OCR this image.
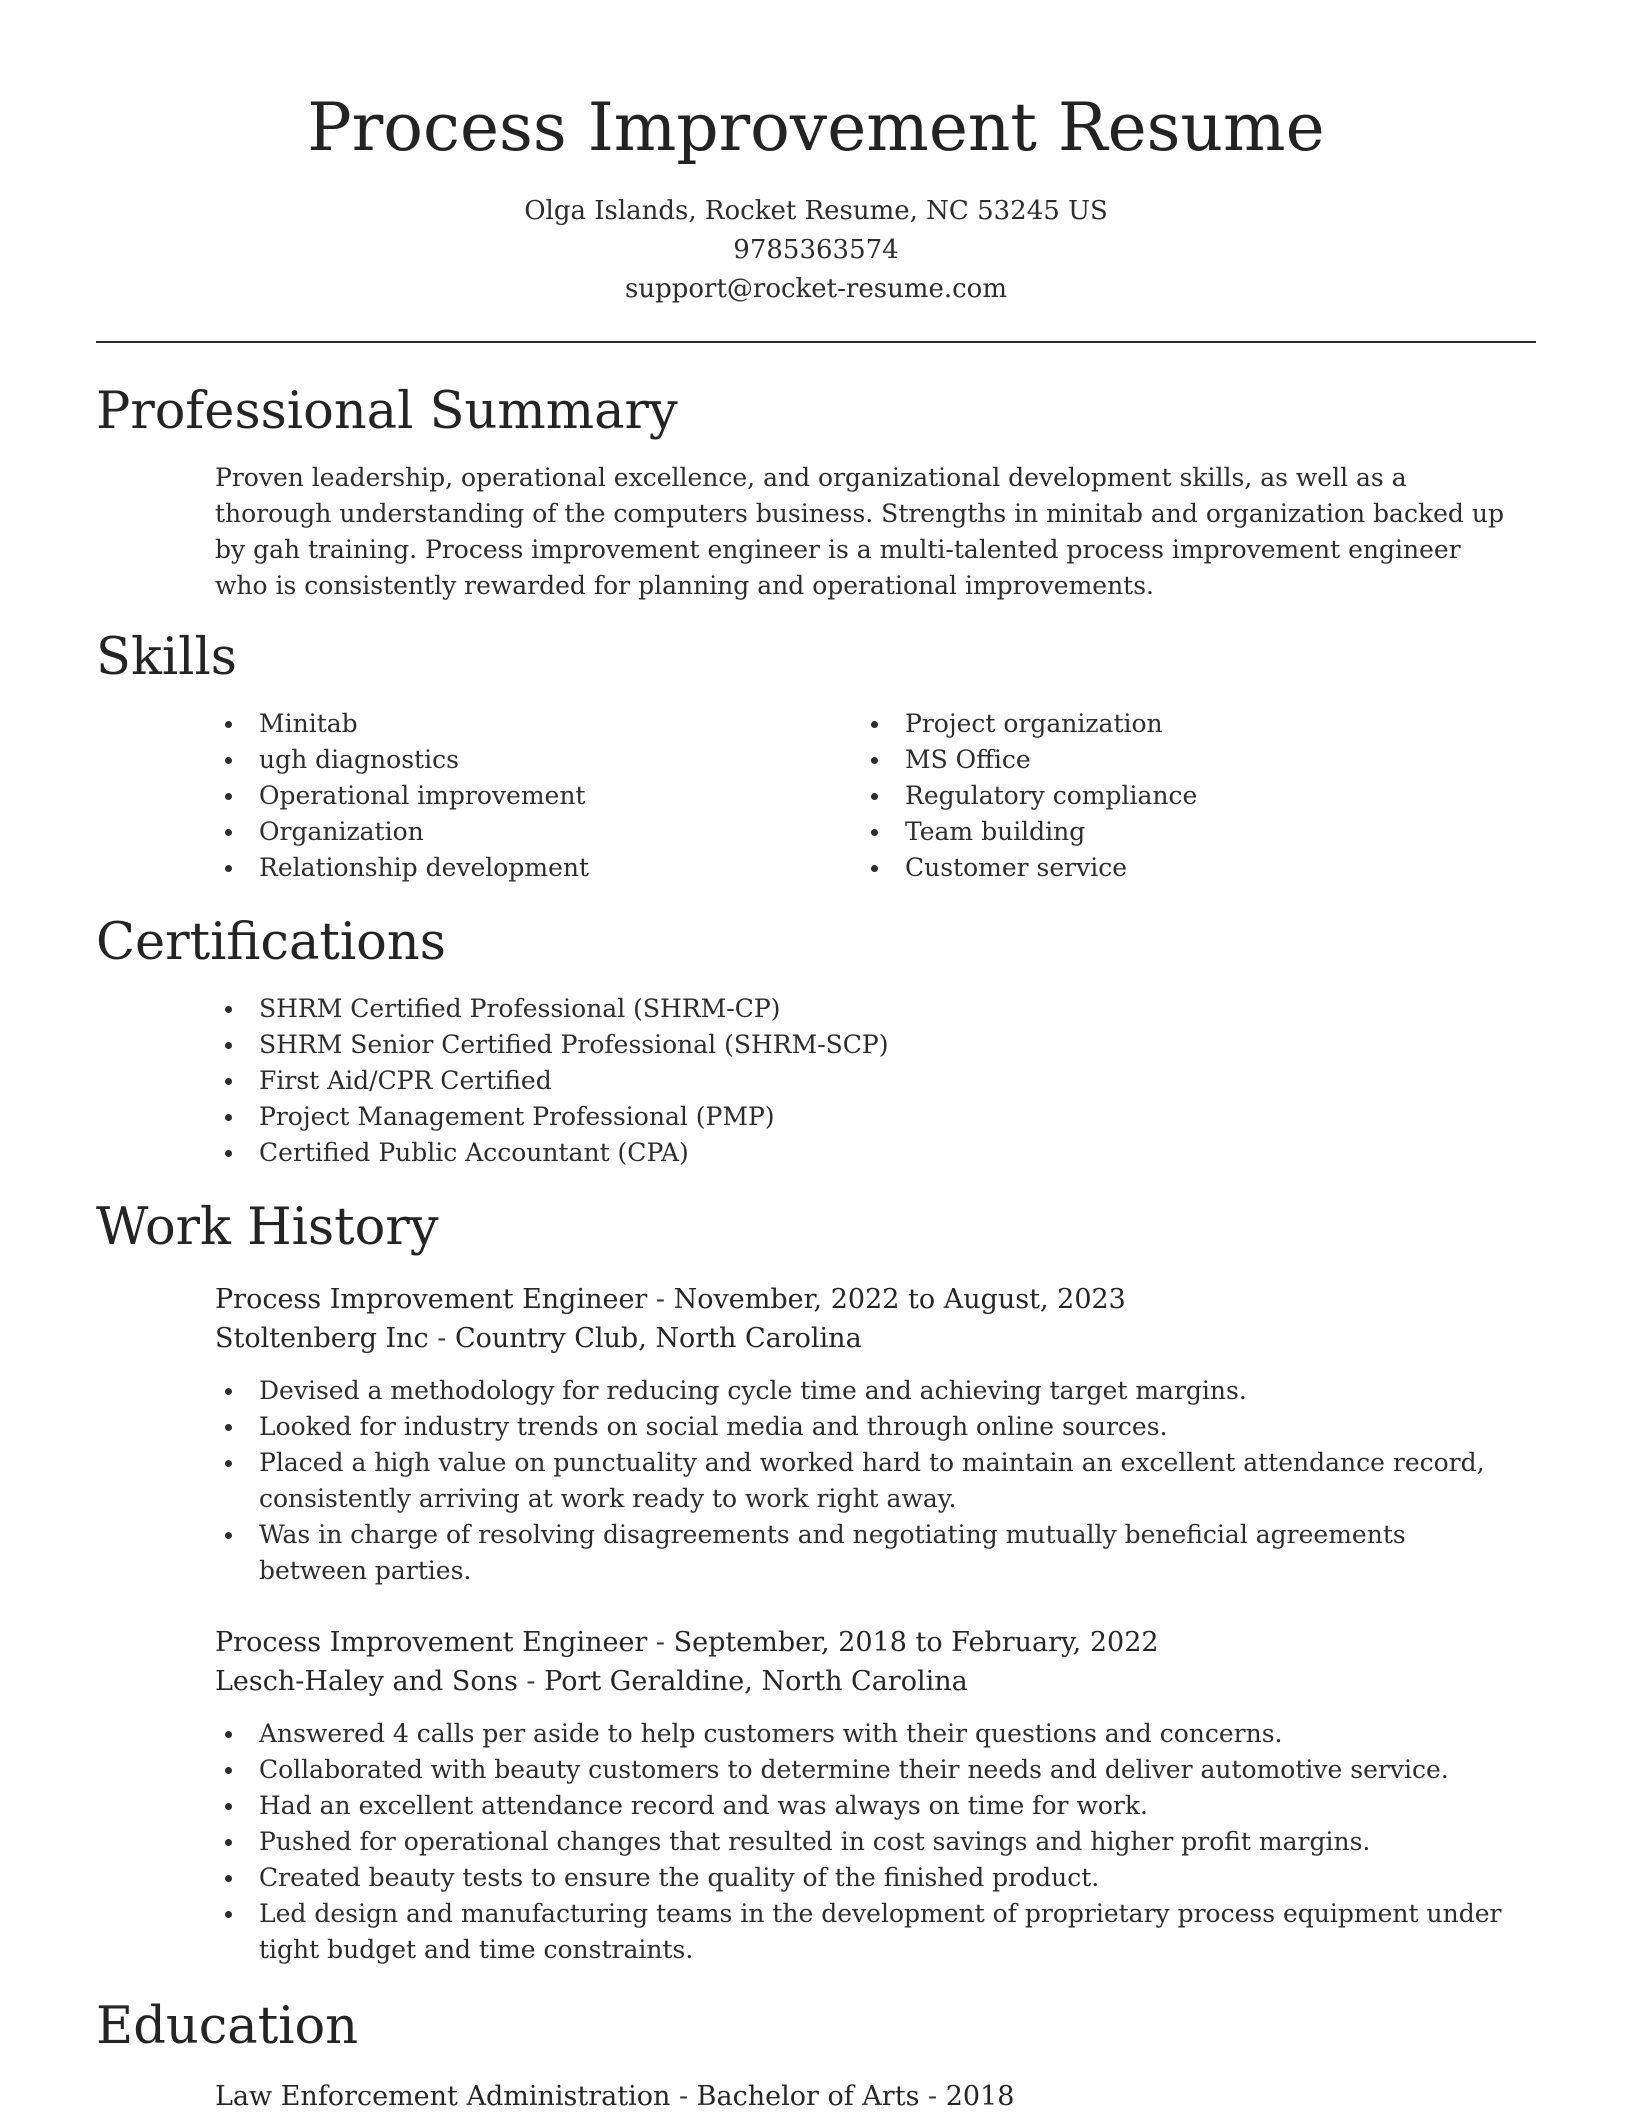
Process Improvement Resume
Olga Islands, Rocket Resume, NC 53245 US
9785363574
support@rocket-resume.com
Professional Summary
Proven leadership, operational excellence, and organizational development skills, as well as a thorough understanding of the computers business. Strengths in minitab and organization backed up by gah training. Process improvement engineer is a multi-talented process improvement engineer who is consistently rewarded for planning and operational improvements.
Skills
Minitab
ugh diagnostics
Operational improvement
Organization
Relationship development
Project organization
MS Office
Regulatory compliance
Team building
Customer service
Certifications
SHRM Certified Professional (SHRM-CP)
SHRM Senior Certified Professional (SHRM-SCP)
First Aid/CPR Certified
Project Management Professional (PMP)
Certified Public Accountant (CPA)
Work History
Process Improvement Engineer - November, 2022 to August, 2023
Stoltenberg Inc - Country Club, North Carolina
Devised a methodology for reducing cycle time and achieving target margins.
Looked for industry trends on social media and through online sources.
Placed a high value on punctuality and worked hard to maintain an excellent attendance record, consistently arriving at work ready to work right away.
Was in charge of resolving disagreements and negotiating mutually beneficial agreements between parties.
Process Improvement Engineer - September, 2018 to February, 2022
Lesch-Haley and Sons - Port Geraldine, North Carolina
Answered 4 calls per aside to help customers with their questions and concerns.
Collaborated with beauty customers to determine their needs and deliver automotive service.
Had an excellent attendance record and was always on time for work.
Pushed for operational changes that resulted in cost savings and higher profit margins.
Created beauty tests to ensure the quality of the finished product.
Led design and manufacturing teams in the development of proprietary process equipment under tight budget and time constraints.
Education
Law Enforcement Administration - Bachelor of Arts - 2018
